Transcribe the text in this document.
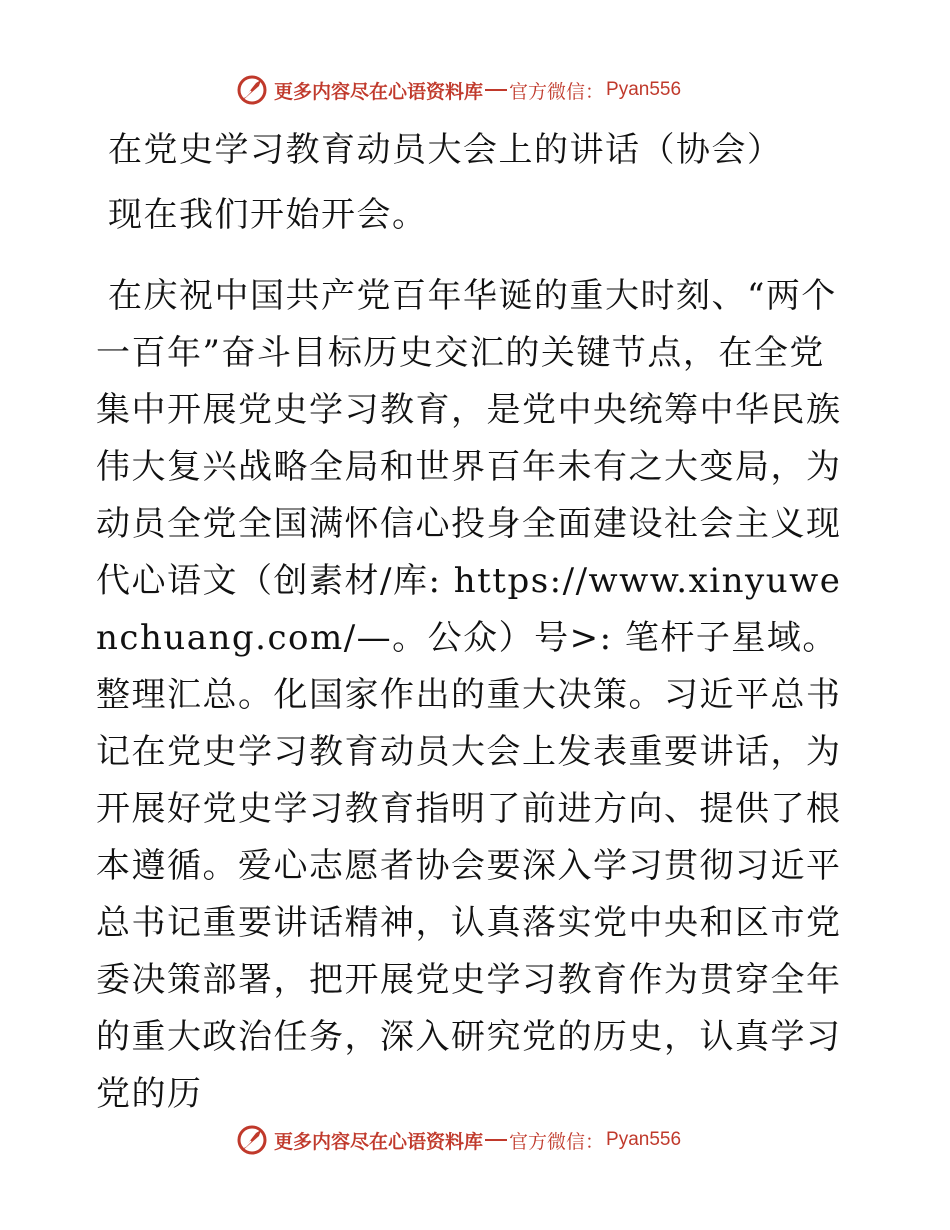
更多内容尽在心语资料库 官方微信： Pyan556

在党史学习教育动员大会上的讲话（协会）

现在我们开始开会。

在庆祝中国共产党百年华诞的重大时刻、“两个一百年”奋斗目标历史交汇的关键节点，在全党集中开展党史学习教育，是党中央统筹中华民族伟大复兴战略全局和世界百年未有之大变局，为动员全党全国满怀信心投身全面建设社会主义现代心语文（创素材/库: https://www.xinyuwenchuang.com/—。公众）号>: 笔杆子星域。整理汇总。化国家作出的重大决策。习近平总书记在党史学习教育动员大会上发表重要讲话，为开展好党史学习教育指明了前进方向、提供了根本遵循。爱心志愿者协会要深入学习贯彻习近平总书记重要讲话精神，认真落实党中央和区市党委决策部署，把开展党史学习教育作为贯穿全年的重大政治任务，深入研究党的历史，认真学习党的历

更多内容尽在心语资料库 官方微信： Pyan556
